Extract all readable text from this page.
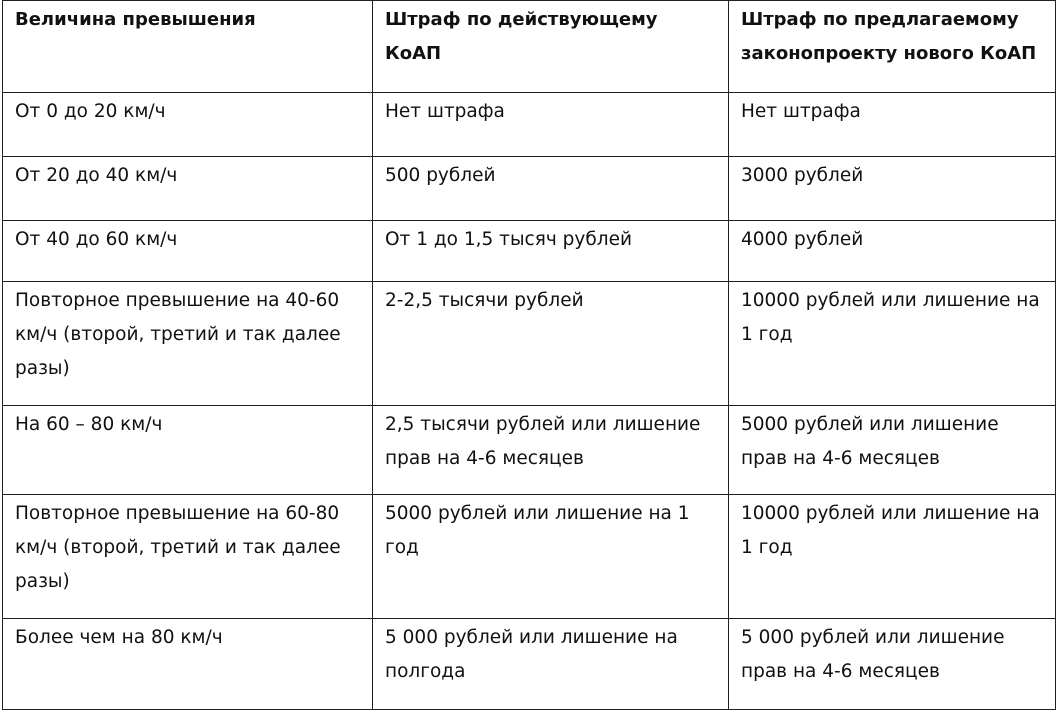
Величина превышения	Штраф по действующему КоАП	Штраф по предлагаемому законопроекту нового КоАП
От 0 до 20 км/ч	Нет штрафа	Нет штрафа
От 20 до 40 км/ч	500 рублей	3000 рублей
От 40 до 60 км/ч	От 1 до 1,5 тысяч рублей	4000 рублей
Повторное превышение на 40-60 км/ч (второй, третий и так далее разы)	2-2,5 тысячи рублей	10000 рублей или лишение на 1 год
На 60 – 80 км/ч	2,5 тысячи рублей или лишение прав на 4-6 месяцев	5000 рублей или лишение прав на 4-6 месяцев
Повторное превышение на 60-80 км/ч (второй, третий и так далее разы)	5000 рублей или лишение на 1 год	10000 рублей или лишение на 1 год
Более чем на 80 км/ч	5 000 рублей или лишение на полгода	5 000 рублей или лишение прав на 4-6 месяцев
